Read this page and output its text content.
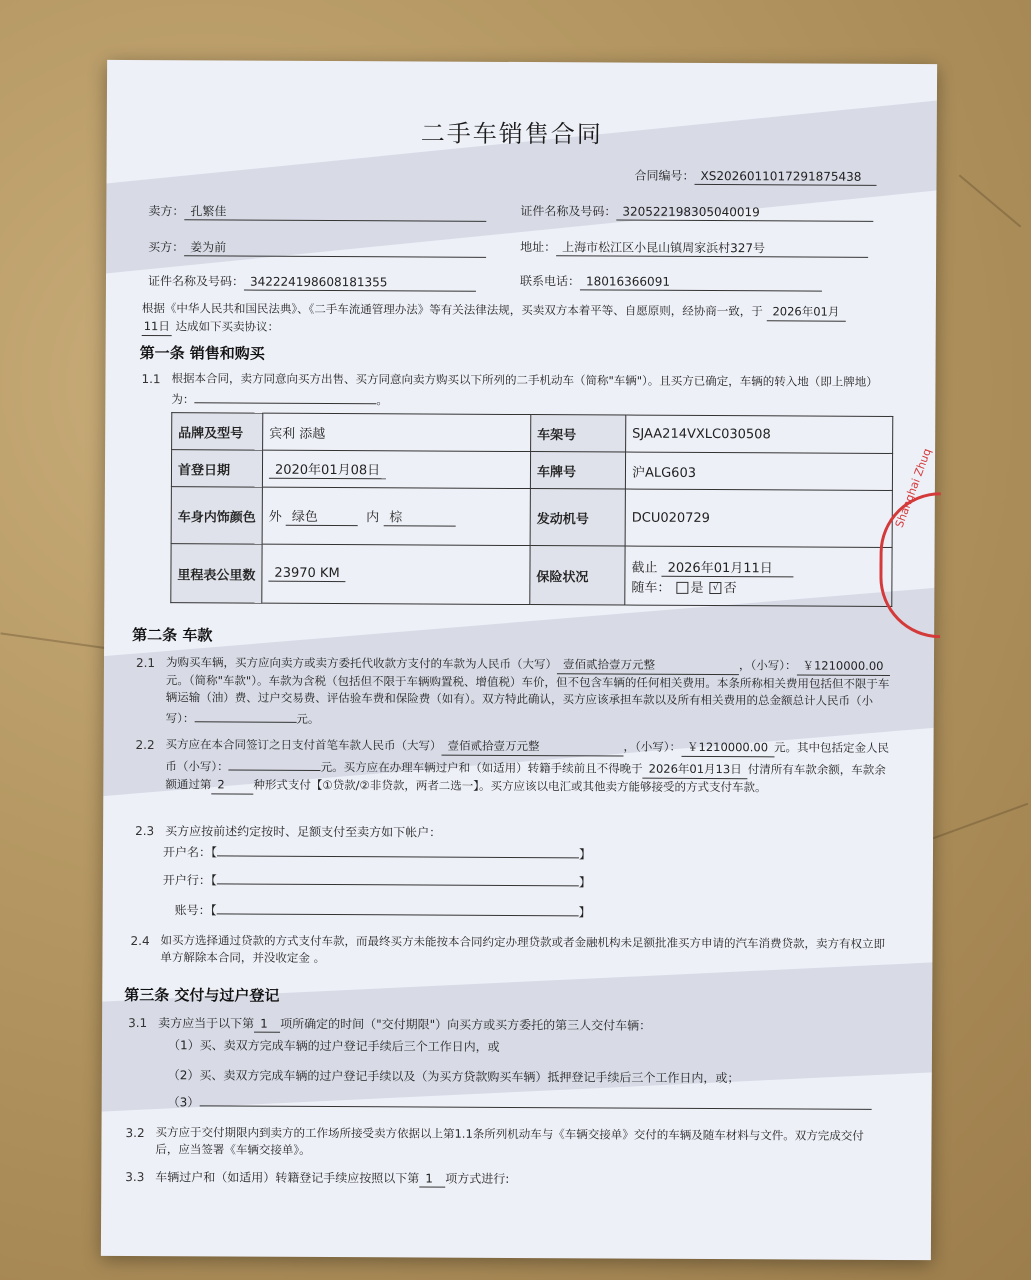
二手车销售合同
合同编号： XS20260110172918754​38
卖方： 孔繁佳	证件名称及号码： 320522198305040019
买方： 姜为前	地址： 上海市松江区小昆山镇周家浜村327号
证件名称及号码： 342224198608181355	联系电话： 18016366091
根据《中华人民共和国民法典》、《二手车流通管理办法》等有关法律法规，买卖双方本着平等、自愿原则，经协商一致，于 2026年01月
11日 达成如下买卖协议：
第一条 销售和购买
1.1 根据本合同，卖方同意向买方出售、买方同意向卖方购买以下所列的二手机动车（简称"车辆"）。且买方已确定，车辆的转入地（即上牌地）为：	。
品牌及型号	宾利 添越	车架号	SJAA214VXLC030508
首登日期	2020年01月08日	车牌号	沪ALG603
车身内饰颜色	外 绿色 内 棕	发动机号	DCU020729
里程表公里数	23970 KM	保险状况	截止 2026年01月11日
随车： 是 √ 否
第二条 车款
2.1 为购买车辆，买方应向卖方或卖方委托代收款方支付的车款为人民币（大写） 壹佰贰拾壹万元整	，（小写）： ￥1210000.00元。（简称"车款"）。车款为含税（包括但不限于车辆购置税、增值税）车价，但不包含车辆的任何相关费用。本条所称相关费用包括但不限于车辆运输（油）费、过户交易费、评估验车费和保险费（如有）。双方特此确认，买方应该承担车款以及所有相关费用的总金额总计人民币（小写）：	元。
2.2 买方应在本合同签订之日支付首笔车款人民币（大写） 壹佰贰拾壹万元整	，（小写）： ￥1210000.00 元。其中包括定金人民币（小写）：	元。买方应在办理车辆过户和（如适用）转籍手续前且不得晚于 2026年01月13日 付清所有车款余额，车款余额通过第 2 种形式支付【①贷款/②非贷款，两者二选一】。买方应该以电汇或其他卖方能够接受的方式支付车款。
2.3 买方应按前述约定按时、足额支付至卖方如下帐户：
开户名：【	】
开户行：【	】
账号：【	】
2.4 如买方选择通过贷款的方式支付车款，而最终买方未能按本合同约定办理贷款或者金融机构未足额批准买方申请的汽车消费贷款，卖方有权立即单方解除本合同，并没收定金 。
第三条 交付与过户登记
3.1 卖方应当于以下第 1 项所确定的时间（"交付期限"）向买方或买方委托的第三人交付车辆：
（1）买、卖双方完成车辆的过户登记手续后三个工作日内，或
（2）买、卖双方完成车辆的过户登记手续以及（为买方贷款购买车辆）抵押登记手续后三个工作日内，或；
（3）
3.2 买方应于交付期限内到卖方的工作场所接受卖方依据以上第1.1条所列机动车与《车辆交接单》交付的车辆及随车材料与文件。双方完成交付后，应当签署《车辆交接单》。
3.3 车辆过户和（如适用）转籍登记手续应按照以下第 1 项方式进行:
Shanghai Zhuq
